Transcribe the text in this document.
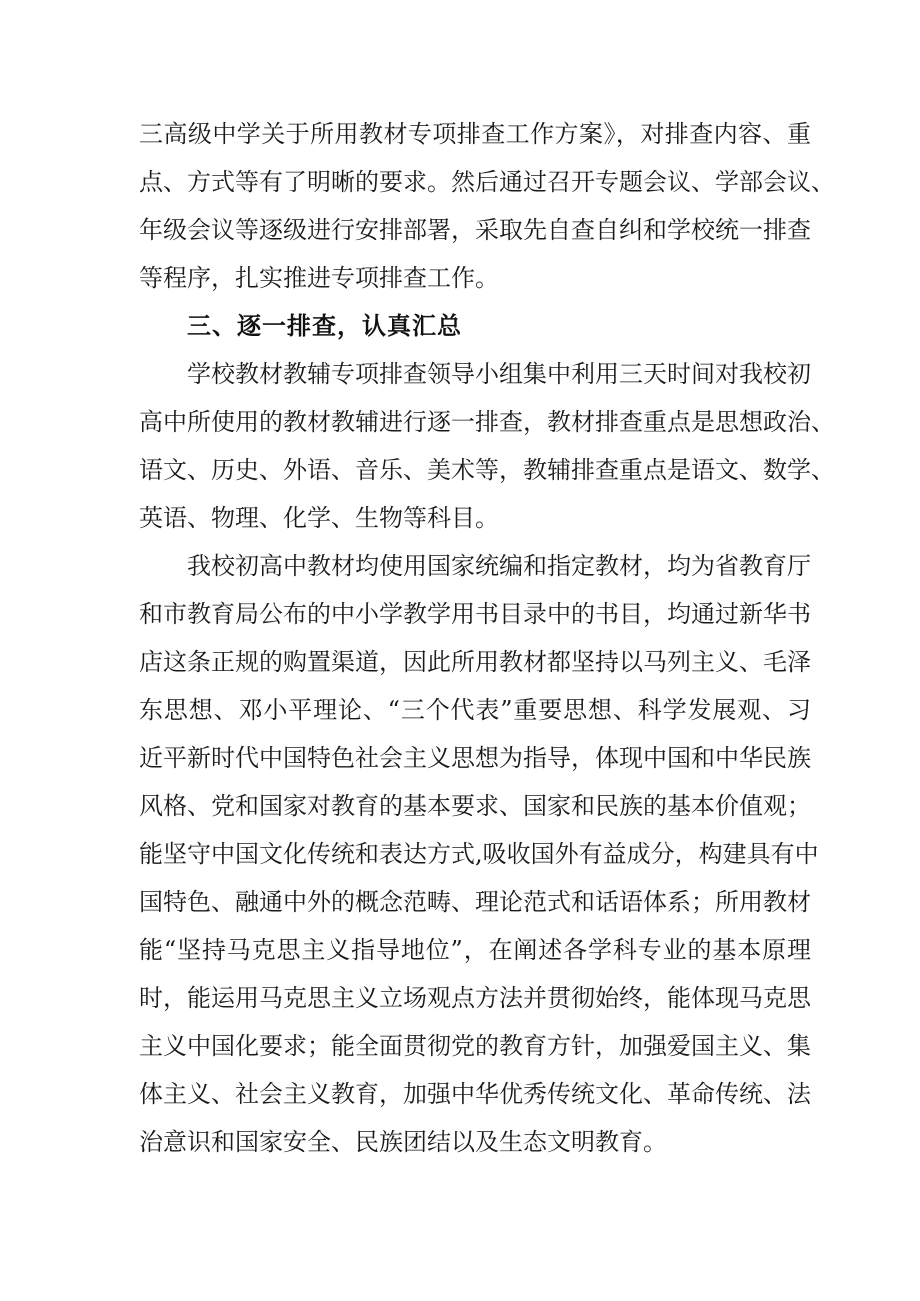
三高级中学关于所用教材专项排查工作方案》，对排查内容、重
点、方式等有了明晰的要求。然后通过召开专题会议、学部会议、
年级会议等逐级进行安排部署，采取先自查自纠和学校统一排查
等程序，扎实推进专项排查工作。
三、逐一排查，认真汇总
学校教材教辅专项排查领导小组集中利用三天时间对我校初
高中所使用的教材教辅进行逐一排查，教材排查重点是思想政治、
语文、历史、外语、音乐、美术等，教辅排查重点是语文、数学、
英语、物理、化学、生物等科目。
我校初高中教材均使用国家统编和指定教材，均为省教育厅
和市教育局公布的中小学教学用书目录中的书目，均通过新华书
店这条正规的购置渠道，因此所用教材都坚持以马列主义、毛泽
东思想、邓小平理论、“三个代表”重要思想、科学发展观、习
近平新时代中国特色社会主义思想为指导，体现中国和中华民族
风格、党和国家对教育的基本要求、国家和民族的基本价值观；
能坚守中国文化传统和表达方式,吸收国外有益成分，构建具有中
国特色、融通中外的概念范畴、理论范式和话语体系；所用教材
能“坚持马克思主义指导地位”，在阐述各学科专业的基本原理
时，能运用马克思主义立场观点方法并贯彻始终，能体现马克思
主义中国化要求；能全面贯彻党的教育方针，加强爱国主义、集
体主义、社会主义教育，加强中华优秀传统文化、革命传统、法
治意识和国家安全、民族团结以及生态文明教育。
